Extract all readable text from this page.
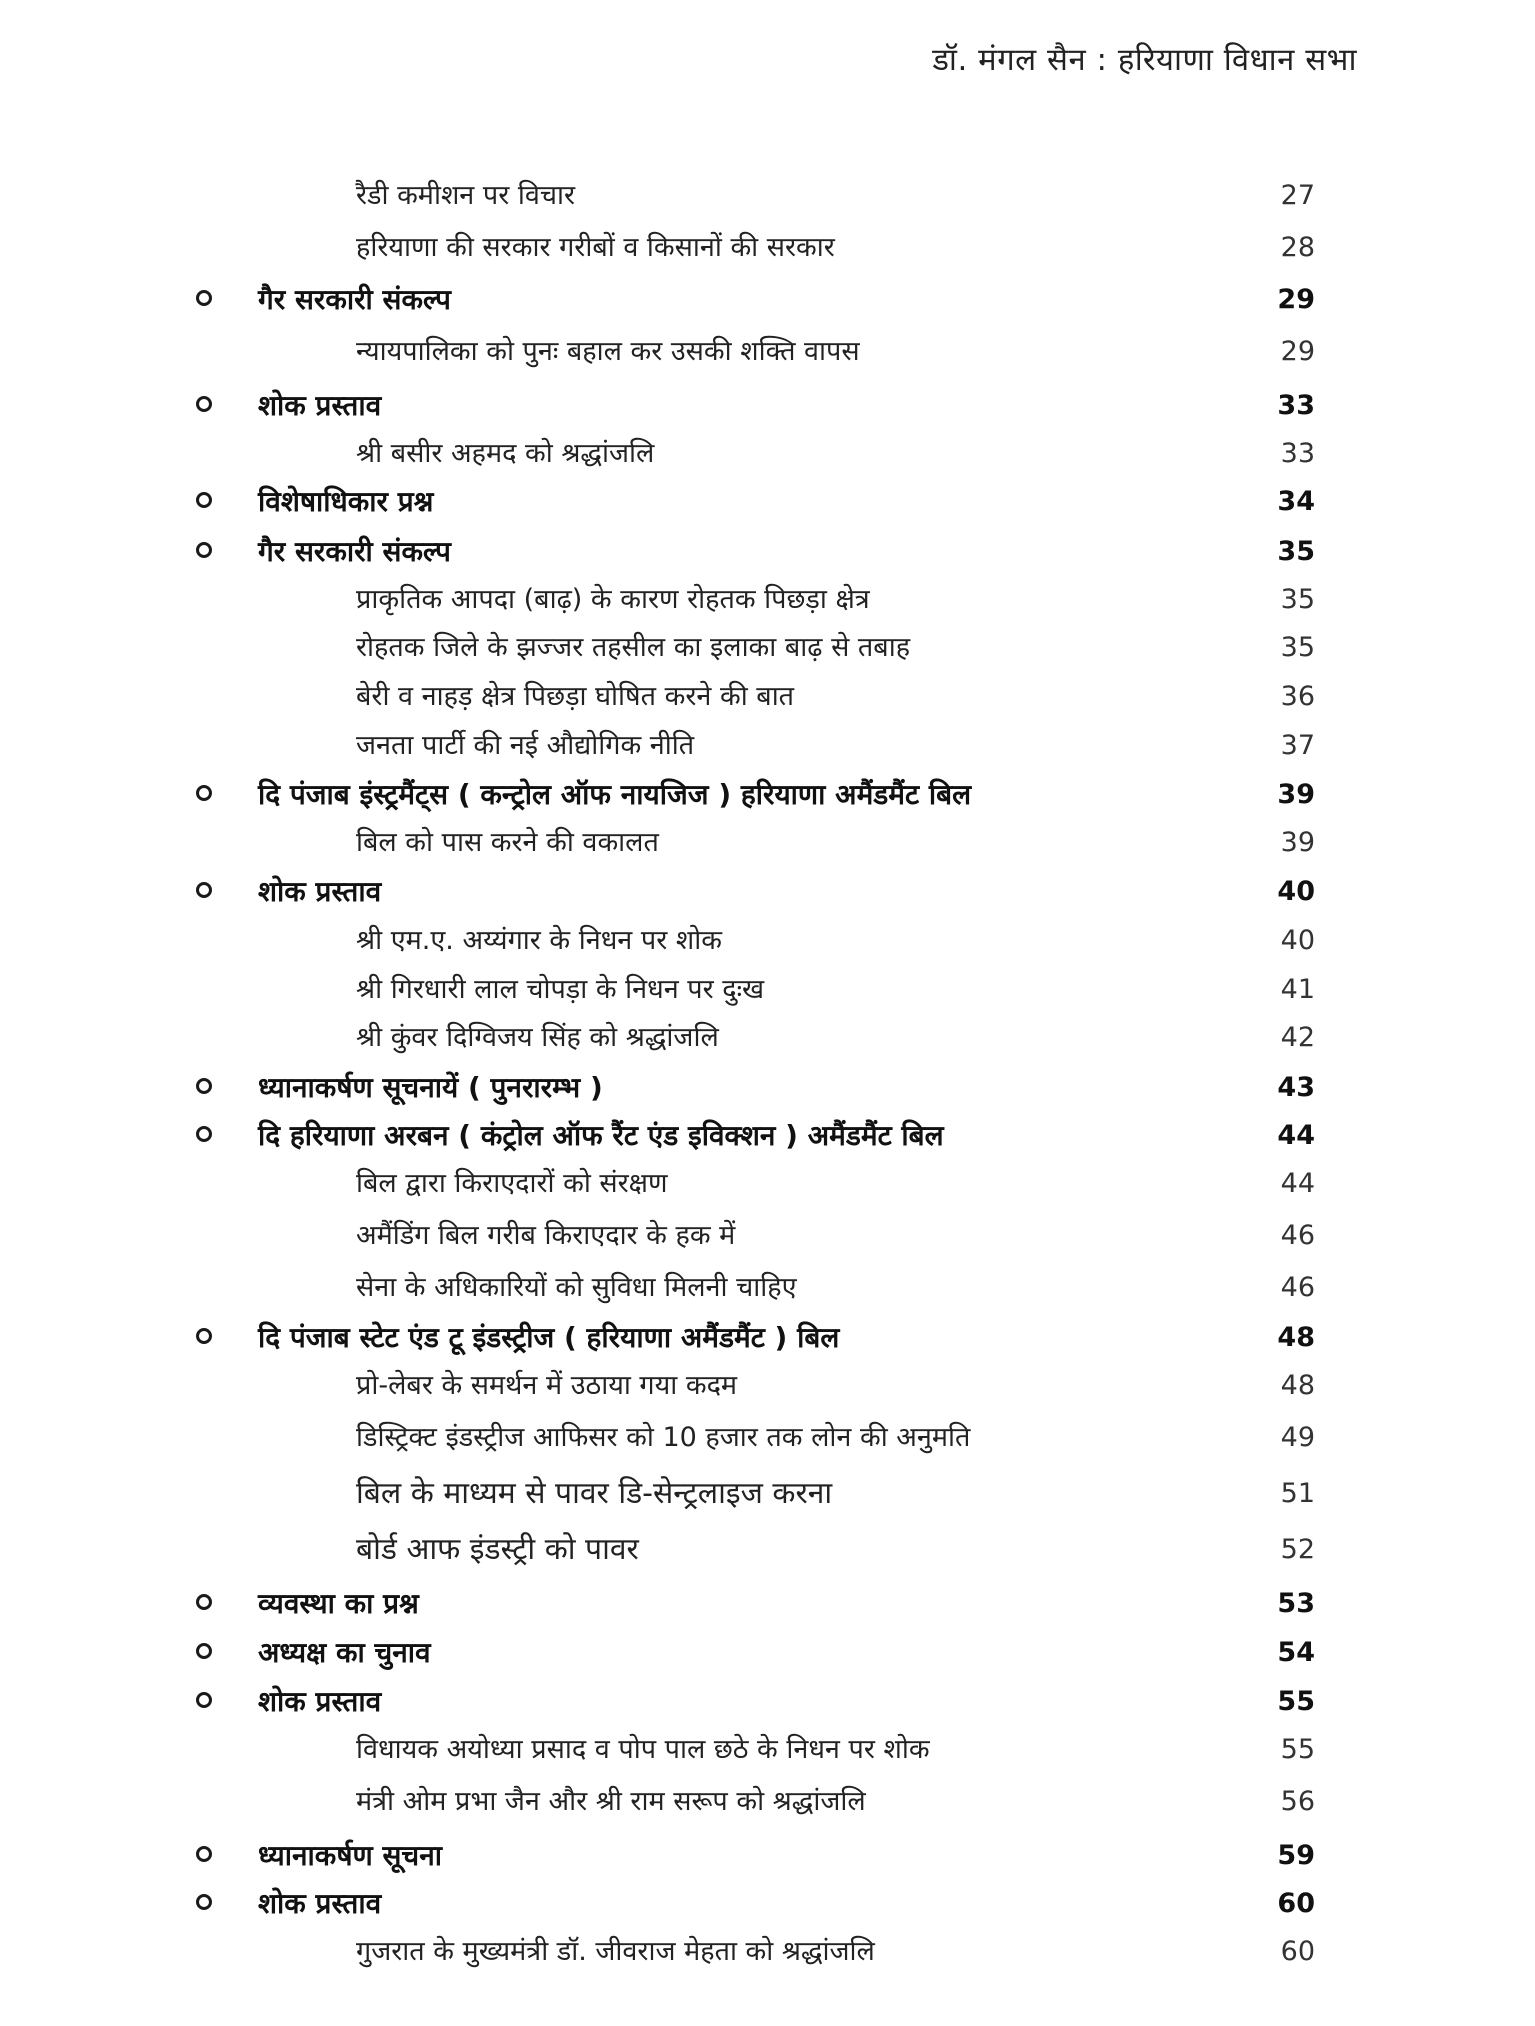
डॉ. मंगल सैन : हरियाणा विधान सभा
रैडी कमीशन पर विचार	27
हरियाणा की सरकार गरीबों व किसानों की सरकार	28
गैर सरकारी संकल्प	29
न्यायपालिका को पुनः बहाल कर उसकी शक्ति वापस	29
शोक प्रस्ताव	33
श्री बसीर अहमद को श्रद्धांजलि	33
विशेषाधिकार प्रश्न	34
गैर सरकारी संकल्प	35
प्राकृतिक आपदा (बाढ़) के कारण रोहतक पिछड़ा क्षेत्र	35
रोहतक जिले के झज्जर तहसील का इलाका बाढ़ से तबाह	35
बेरी व नाहड़ क्षेत्र पिछड़ा घोषित करने की बात	36
जनता पार्टी की नई औद्योगिक नीति	37
दि पंजाब इंस्ट्रमैंट्स ( कन्ट्रोल ऑफ नायजिज ) हरियाणा अमैंडमैंट बिल	39
बिल को पास करने की वकालत	39
शोक प्रस्ताव	40
श्री एम.ए. अय्यंगार के निधन पर शोक	40
श्री गिरधारी लाल चोपड़ा के निधन पर दुःख	41
श्री कुंवर दिग्विजय सिंह को श्रद्धांजलि	42
ध्यानाकर्षण सूचनायें ( पुनरारम्भ )	43
दि हरियाणा अरबन ( कंट्रोल ऑफ रैंट एंड इविक्शन ) अमैंडमैंट बिल	44
बिल द्वारा किराएदारों को संरक्षण	44
अमैंडिंग बिल गरीब किराएदार के हक में	46
सेना के अधिकारियों को सुविधा मिलनी चाहिए	46
दि पंजाब स्टेट एंड टू इंडस्ट्रीज ( हरियाणा अमैंडमैंट ) बिल	48
प्रो-लेबर के समर्थन में उठाया गया कदम	48
डिस्ट्रिक्ट इंडस्ट्रीज आफिसर को 10 हजार तक लोन की अनुमति	49
बिल के माध्यम से पावर डि-सेन्ट्रलाइज करना	51
बोर्ड आफ इंडस्ट्री को पावर	52
व्यवस्था का प्रश्न	53
अध्यक्ष का चुनाव	54
शोक प्रस्ताव	55
विधायक अयोध्या प्रसाद व पोप पाल छठे के निधन पर शोक	55
मंत्री ओम प्रभा जैन और श्री राम सरूप को श्रद्धांजलि	56
ध्यानाकर्षण सूचना	59
शोक प्रस्ताव	60
गुजरात के मुख्यमंत्री डॉ. जीवराज मेहता को श्रद्धांजलि	60
